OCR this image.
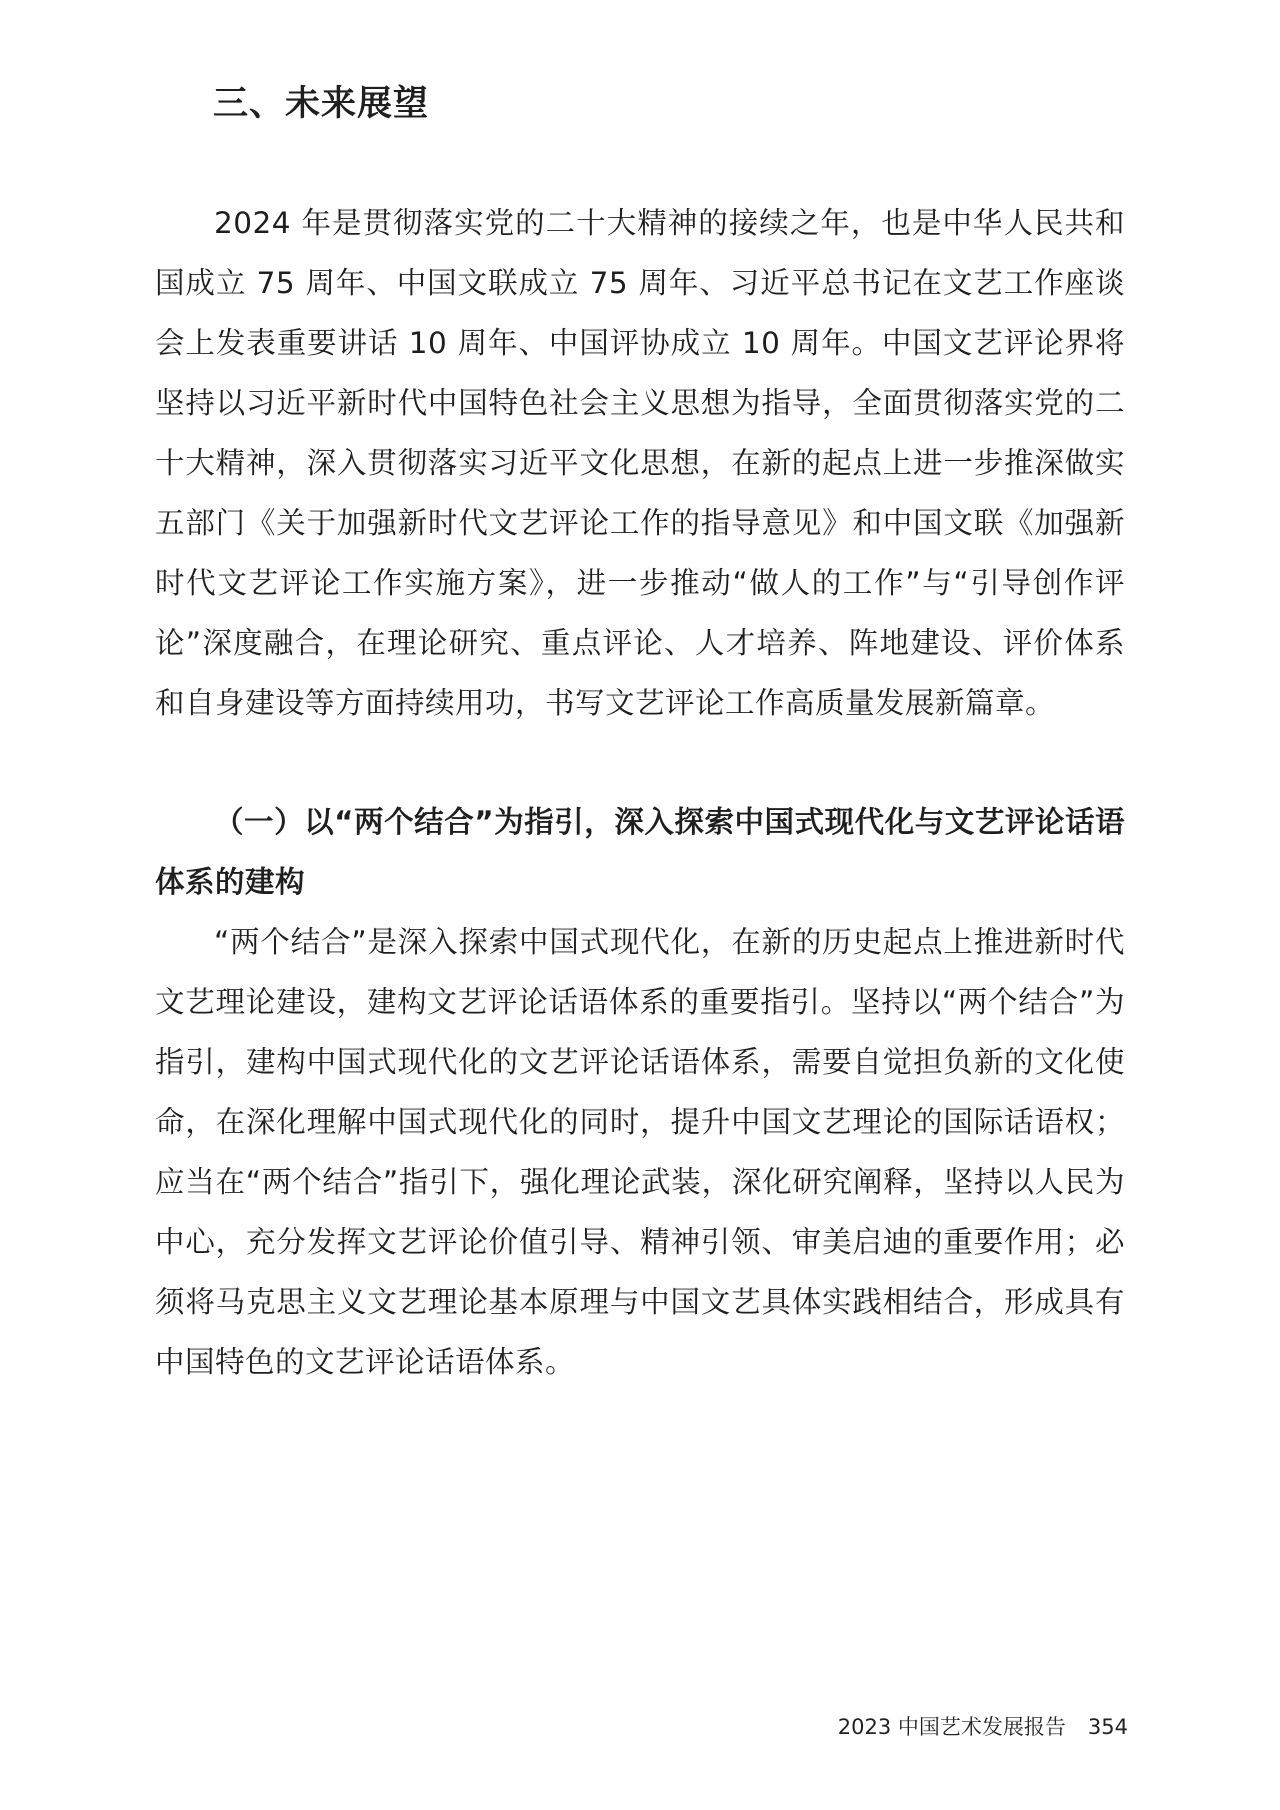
三、未来展望

2024 年是贯彻落实党的二十大精神的接续之年，也是中华人民共和国成立 75 周年、中国文联成立 75 周年、习近平总书记在文艺工作座谈会上发表重要讲话 10 周年、中国评协成立 10 周年。中国文艺评论界将坚持以习近平新时代中国特色社会主义思想为指导，全面贯彻落实党的二十大精神，深入贯彻落实习近平文化思想，在新的起点上进一步推深做实五部门《关于加强新时代文艺评论工作的指导意见》和中国文联《加强新时代文艺评论工作实施方案》，进一步推动“做人的工作”与“引导创作评论”深度融合，在理论研究、重点评论、人才培养、阵地建设、评价体系和自身建设等方面持续用功，书写文艺评论工作高质量发展新篇章。

（一）以“两个结合”为指引，深入探索中国式现代化与文艺评论话语体系的建构

“两个结合”是深入探索中国式现代化，在新的历史起点上推进新时代文艺理论建设，建构文艺评论话语体系的重要指引。坚持以“两个结合”为指引，建构中国式现代化的文艺评论话语体系，需要自觉担负新的文化使命，在深化理解中国式现代化的同时，提升中国文艺理论的国际话语权；应当在“两个结合”指引下，强化理论武装，深化研究阐释，坚持以人民为中心，充分发挥文艺评论价值引导、精神引领、审美启迪的重要作用；必须将马克思主义文艺理论基本原理与中国文艺具体实践相结合，形成具有中国特色的文艺评论话语体系。

2023 中国艺术发展报告 354
